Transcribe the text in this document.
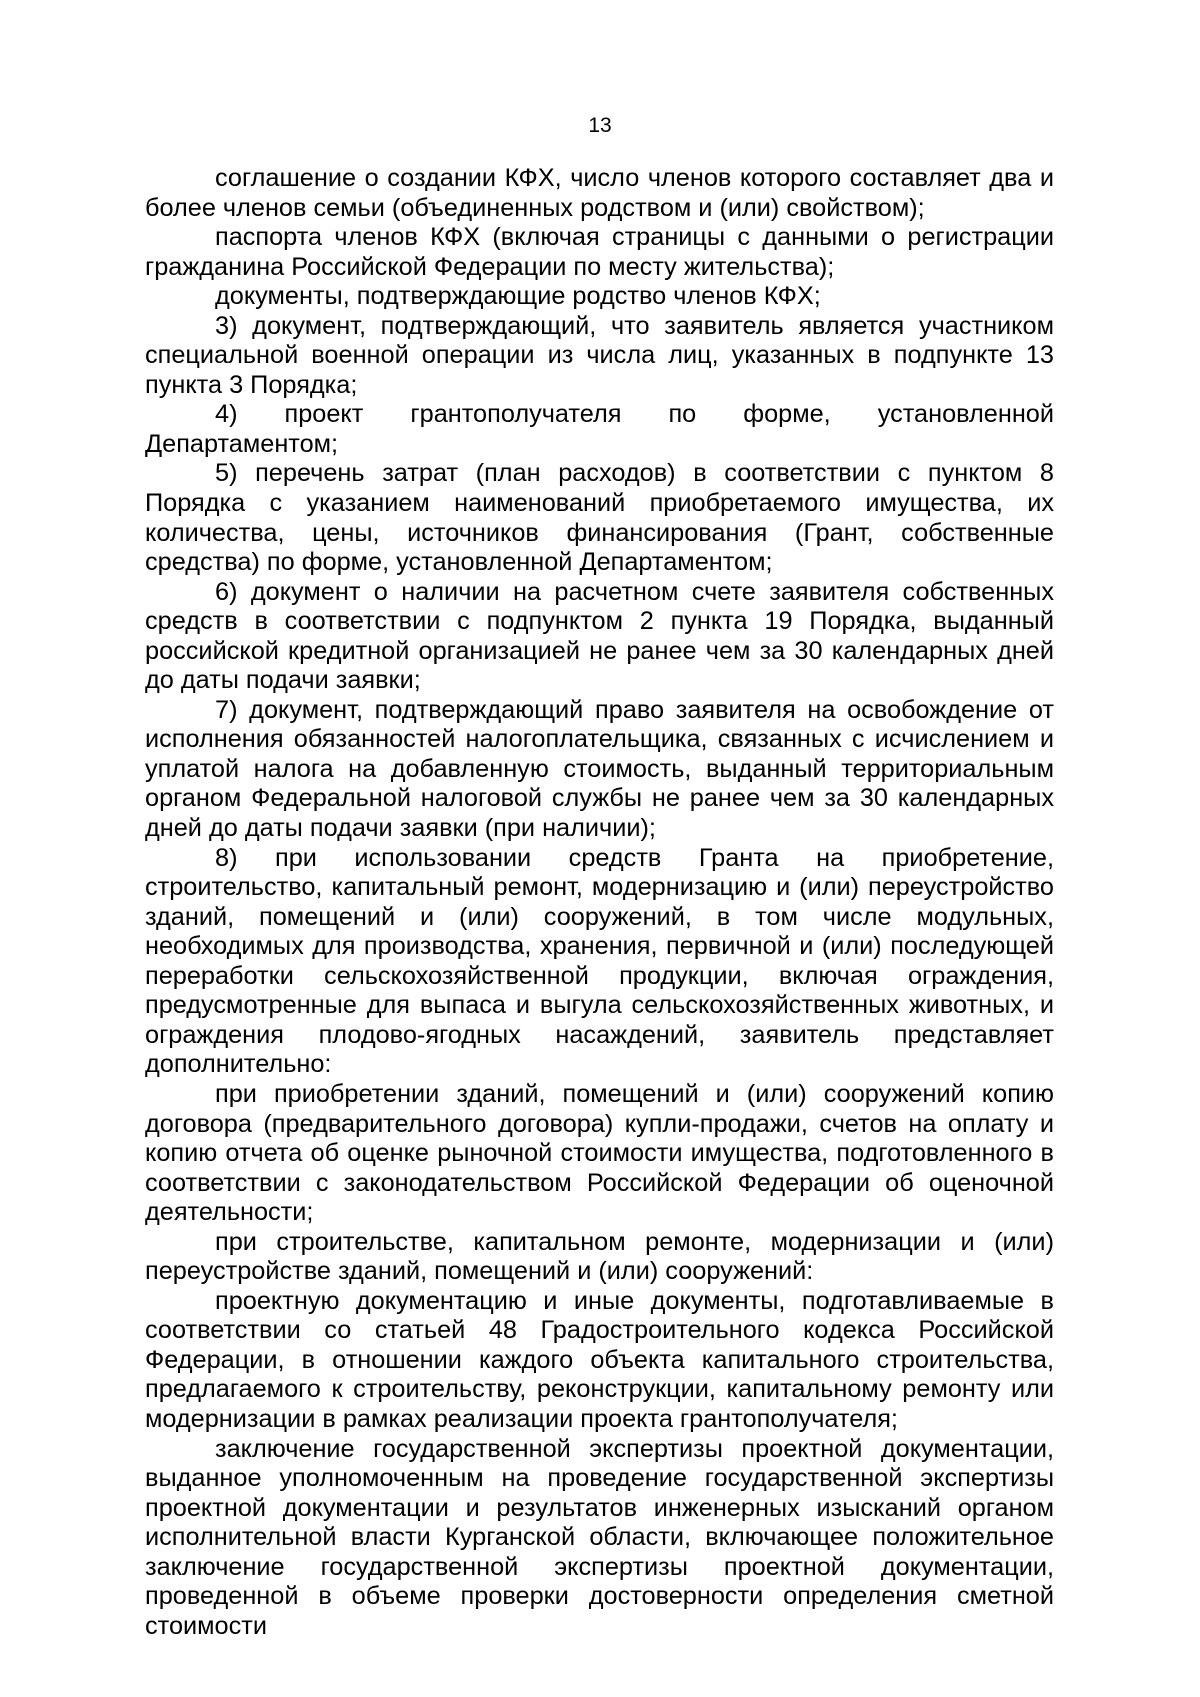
13

соглашение о создании КФХ, число членов которого составляет два и более членов семьи (объединенных родством и (или) свойством);

паспорта членов КФХ (включая страницы с данными о регистрации гражданина Российской Федерации по месту жительства);

документы, подтверждающие родство членов КФХ;

3) документ, подтверждающий, что заявитель является участником специальной военной операции из числа лиц, указанных в подпункте 13 пункта 3 Порядка;

4) проект грантополучателя по форме, установленной Департаментом;

5) перечень затрат (план расходов) в соответствии с пунктом 8 Порядка с указанием наименований приобретаемого имущества, их количества, цены, источников финансирования (Грант, собственные средства) по форме, установленной Департаментом;

6) документ о наличии на расчетном счете заявителя собственных средств в соответствии с подпунктом 2 пункта 19 Порядка, выданный российской кредитной организацией не ранее чем за 30 календарных дней до даты подачи заявки;

7) документ, подтверждающий право заявителя на освобождение от исполнения обязанностей налогоплательщика, связанных с исчислением и уплатой налога на добавленную стоимость, выданный территориальным органом Федеральной налоговой службы не ранее чем за 30 календарных дней до даты подачи заявки (при наличии);

8) при использовании средств Гранта на приобретение, строительство, капитальный ремонт, модернизацию и (или) переустройство зданий, помещений и (или) сооружений, в том числе модульных, необходимых для производства, хранения, первичной и (или) последующей переработки сельскохозяйственной продукции, включая ограждения, предусмотренные для выпаса и выгула сельскохозяйственных животных, и ограждения плодово-ягодных насаждений, заявитель представляет дополнительно:

при приобретении зданий, помещений и (или) сооружений копию договора (предварительного договора) купли-продажи, счетов на оплату и копию отчета об оценке рыночной стоимости имущества, подготовленного в соответствии с законодательством Российской Федерации об оценочной деятельности;

при строительстве, капитальном ремонте, модернизации и (или) переустройстве зданий, помещений и (или) сооружений:

проектную документацию и иные документы, подготавливаемые в соответствии со статьей 48 Градостроительного кодекса Российской Федерации, в отношении каждого объекта капитального строительства, предлагаемого к строительству, реконструкции, капитальному ремонту или модернизации в рамках реализации проекта грантополучателя;

заключение государственной экспертизы проектной документации, выданное уполномоченным на проведение государственной экспертизы проектной документации и результатов инженерных изысканий органом исполнительной власти Курганской области, включающее положительное заключение государственной экспертизы проектной документации, проведенной в объеме проверки достоверности определения сметной стоимости
